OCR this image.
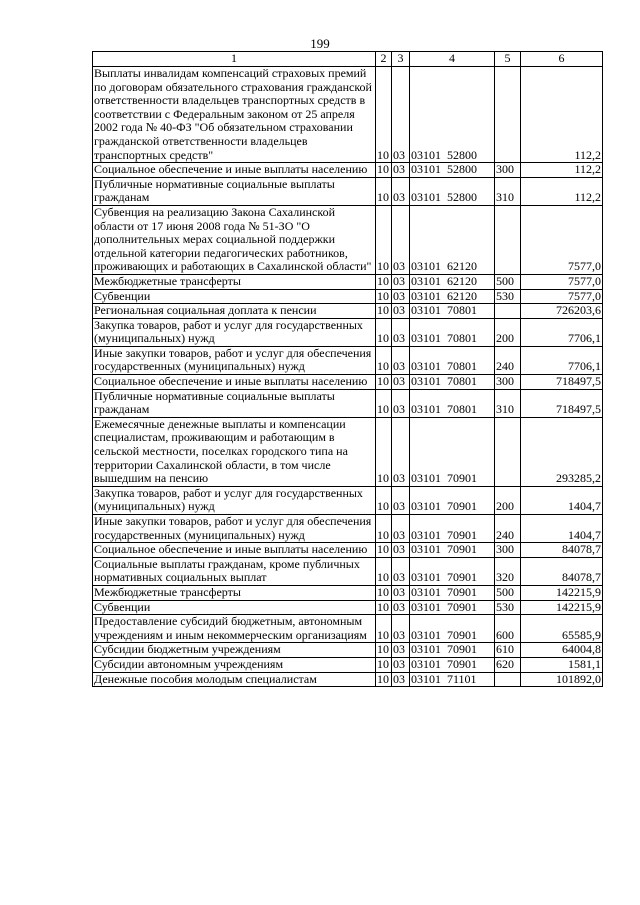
199
1	2	3	4	5	6
Выплаты инвалидам компенсаций страховых премий по договорам обязательного страхования гражданской ответственности владельцев транспортных средств в соответствии с Федеральным законом от 25 апреля 2002 года № 40-ФЗ "Об обязательном страховании гражданской ответственности владельцев транспортных средств"	10	03	03101  52800		112,2
Социальное обеспечение и иные выплаты населению	10	03	03101  52800	300	112,2
Публичные нормативные социальные выплаты гражданам	10	03	03101  52800	310	112,2
Субвенция на реализацию Закона Сахалинской области от 17 июня 2008 года № 51-ЗО "О дополнительных мерах социальной поддержки отдельной категории педагогических работников, проживающих и работающих в Сахалинской области"	10	03	03101  62120		7577,0
Межбюджетные трансферты	10	03	03101  62120	500	7577,0
Субвенции	10	03	03101  62120	530	7577,0
Региональная социальная доплата к пенсии	10	03	03101  70801		726203,6
Закупка товаров, работ и услуг для государственных (муниципальных) нужд	10	03	03101  70801	200	7706,1
Иные закупки товаров, работ и услуг для обеспечения государственных (муниципальных) нужд	10	03	03101  70801	240	7706,1
Социальное обеспечение и иные выплаты населению	10	03	03101  70801	300	718497,5
Публичные нормативные социальные выплаты гражданам	10	03	03101  70801	310	718497,5
Ежемесячные денежные выплаты и компенсации специалистам, проживающим и работающим в сельской местности, поселках городского типа на территории Сахалинской области, в том числе вышедшим на пенсию	10	03	03101  70901		293285,2
Закупка товаров, работ и услуг для государственных (муниципальных) нужд	10	03	03101  70901	200	1404,7
Иные закупки товаров, работ и услуг для обеспечения государственных (муниципальных) нужд	10	03	03101  70901	240	1404,7
Социальное обеспечение и иные выплаты населению	10	03	03101  70901	300	84078,7
Социальные выплаты гражданам, кроме публичных нормативных социальных выплат	10	03	03101  70901	320	84078,7
Межбюджетные трансферты	10	03	03101  70901	500	142215,9
Субвенции	10	03	03101  70901	530	142215,9
Предоставление субсидий бюджетным, автономным учреждениям и иным некоммерческим организациям	10	03	03101  70901	600	65585,9
Субсидии бюджетным учреждениям	10	03	03101  70901	610	64004,8
Субсидии автономным учреждениям	10	03	03101  70901	620	1581,1
Денежные пособия молодым специалистам	10	03	03101  71101		101892,0
